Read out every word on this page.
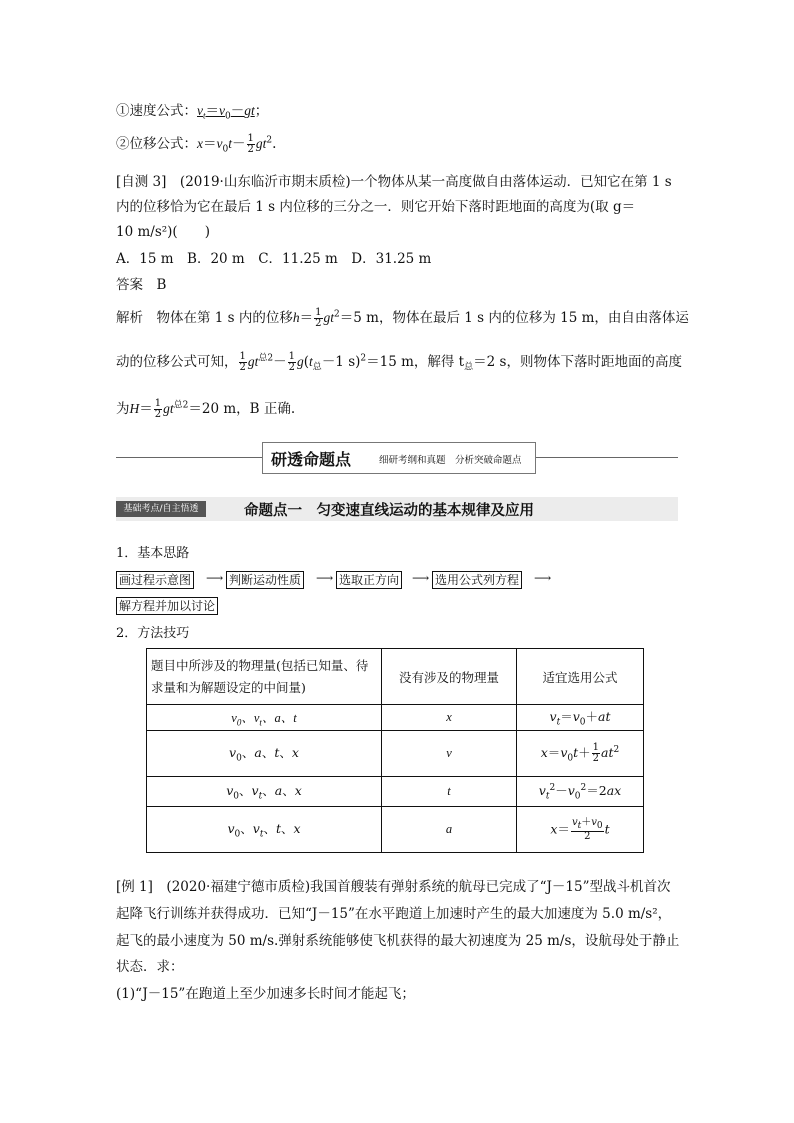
①速度公式：$v_t=v_0-gt$；
②位移公式：$x=v_0t- \frac{1}{2} gt^2$.
[自测 3]　 (2019·山东临沂市期末质检)一个物体从某一高度做自由落体运动．已知它在第 1 s
内的位移恰为它在最后 1 s 内位移的三分之一．则它开始下落时距地面的高度为(取 g＝
10 m/s²)(　　)
A．15 m　B．20 m　C．11.25 m　D．31.25 m
答案　 B
解析　 物体在第 1 s 内的位移$h= \frac{1}{2} gt^2=5$ m，物体在最后 1 s 内的位移为 15 m，由自由落体运
动的位移公式可知， $\frac{1}{2} gt^{总2}- \frac{1}{2} g(t_总-1$ s)$^2$＝15 m，解得 $t_总=2$ s，则物体下落时距地面的高度
为$H= \frac{1}{2} gt^{总2}=20$ m，B 正确.
研透命题点	细研考纲和真题　分析突破命题点
基础考点/自主悟透	命题点一　匀变速直线运动的基本规律及应用
1．基本思路
画过程示意图 ⟶ 判断运动性质 ⟶ 选取正方向 ⟶ 选用公式列方程 ⟶
解方程并加以讨论
2．方法技巧
题目中所涉及的物理量(包括已知量、待求量和为解题设定的中间量)	没有涉及的物理量	适宜选用公式
$v_0$、$v_t$、a、t	x	$v_t=v_0+at$
$v_0$、a、t、x	v	$x=v_0t+ \frac{1}{2} at^2$
$v_0$、$v_t$、a、x	t	$v_t^2-v_0^2=2ax$
$v_0$、$v_t$、t、x	a	$x= \frac{v_t+v_0}{2}$ t
[例 1]　 (2020·福建宁德市质检)我国首艘装有弹射系统的航母已完成了“J－15”型战斗机首次
起降飞行训练并获得成功．已知“J－15”在水平跑道上加速时产生的最大加速度为 5.0 m/s²，
起飞的最小速度为 50 m/s.弹射系统能够使飞机获得的最大初速度为 25 m/s，设航母处于静止
状态．求：
(1)“J－15”在跑道上至少加速多长时间才能起飞；
